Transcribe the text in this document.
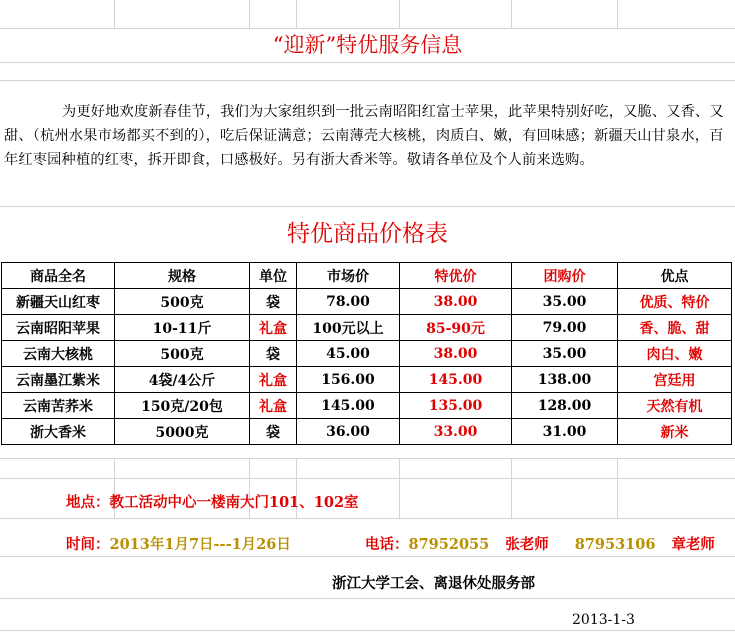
“迎新”特优服务信息
为更好地欢度新春佳节，我们为大家组织到一批云南昭阳红富士苹果，此苹果特别好吃，又脆、又香、又甜、（杭州水果市场都买不到的），吃后保证满意；云南薄壳大核桃，肉质白、嫩，有回味感；新疆天山甘泉水，百年红枣园种植的红枣，拆开即食，口感极好。另有浙大香米等。敬请各单位及个人前来选购。
特优商品价格表
商品全名	规格	单位	市场价	特优价	团购价	优点
新疆天山红枣	500克	袋	78.00	38.00	35.00	优质、特价
云南昭阳苹果	10-11斤	礼盒	100元以上	85-90元	79.00	香、脆、甜
云南大核桃	500克	袋	45.00	38.00	35.00	肉白、嫩
云南墨江紫米	4袋/4公斤	礼盒	156.00	145.00	138.00	宫廷用
云南苦荞米	150克/20包	礼盒	145.00	135.00	128.00	天然有机
浙大香米	5000克	袋	36.00	33.00	31.00	新米
地点：教工活动中心一楼南大门101、102室
时间：2013年1月7日---1月26日	电话：87952055 张老师 87953106 章老师
浙江大学工会、离退休处服务部
2013-1-3
